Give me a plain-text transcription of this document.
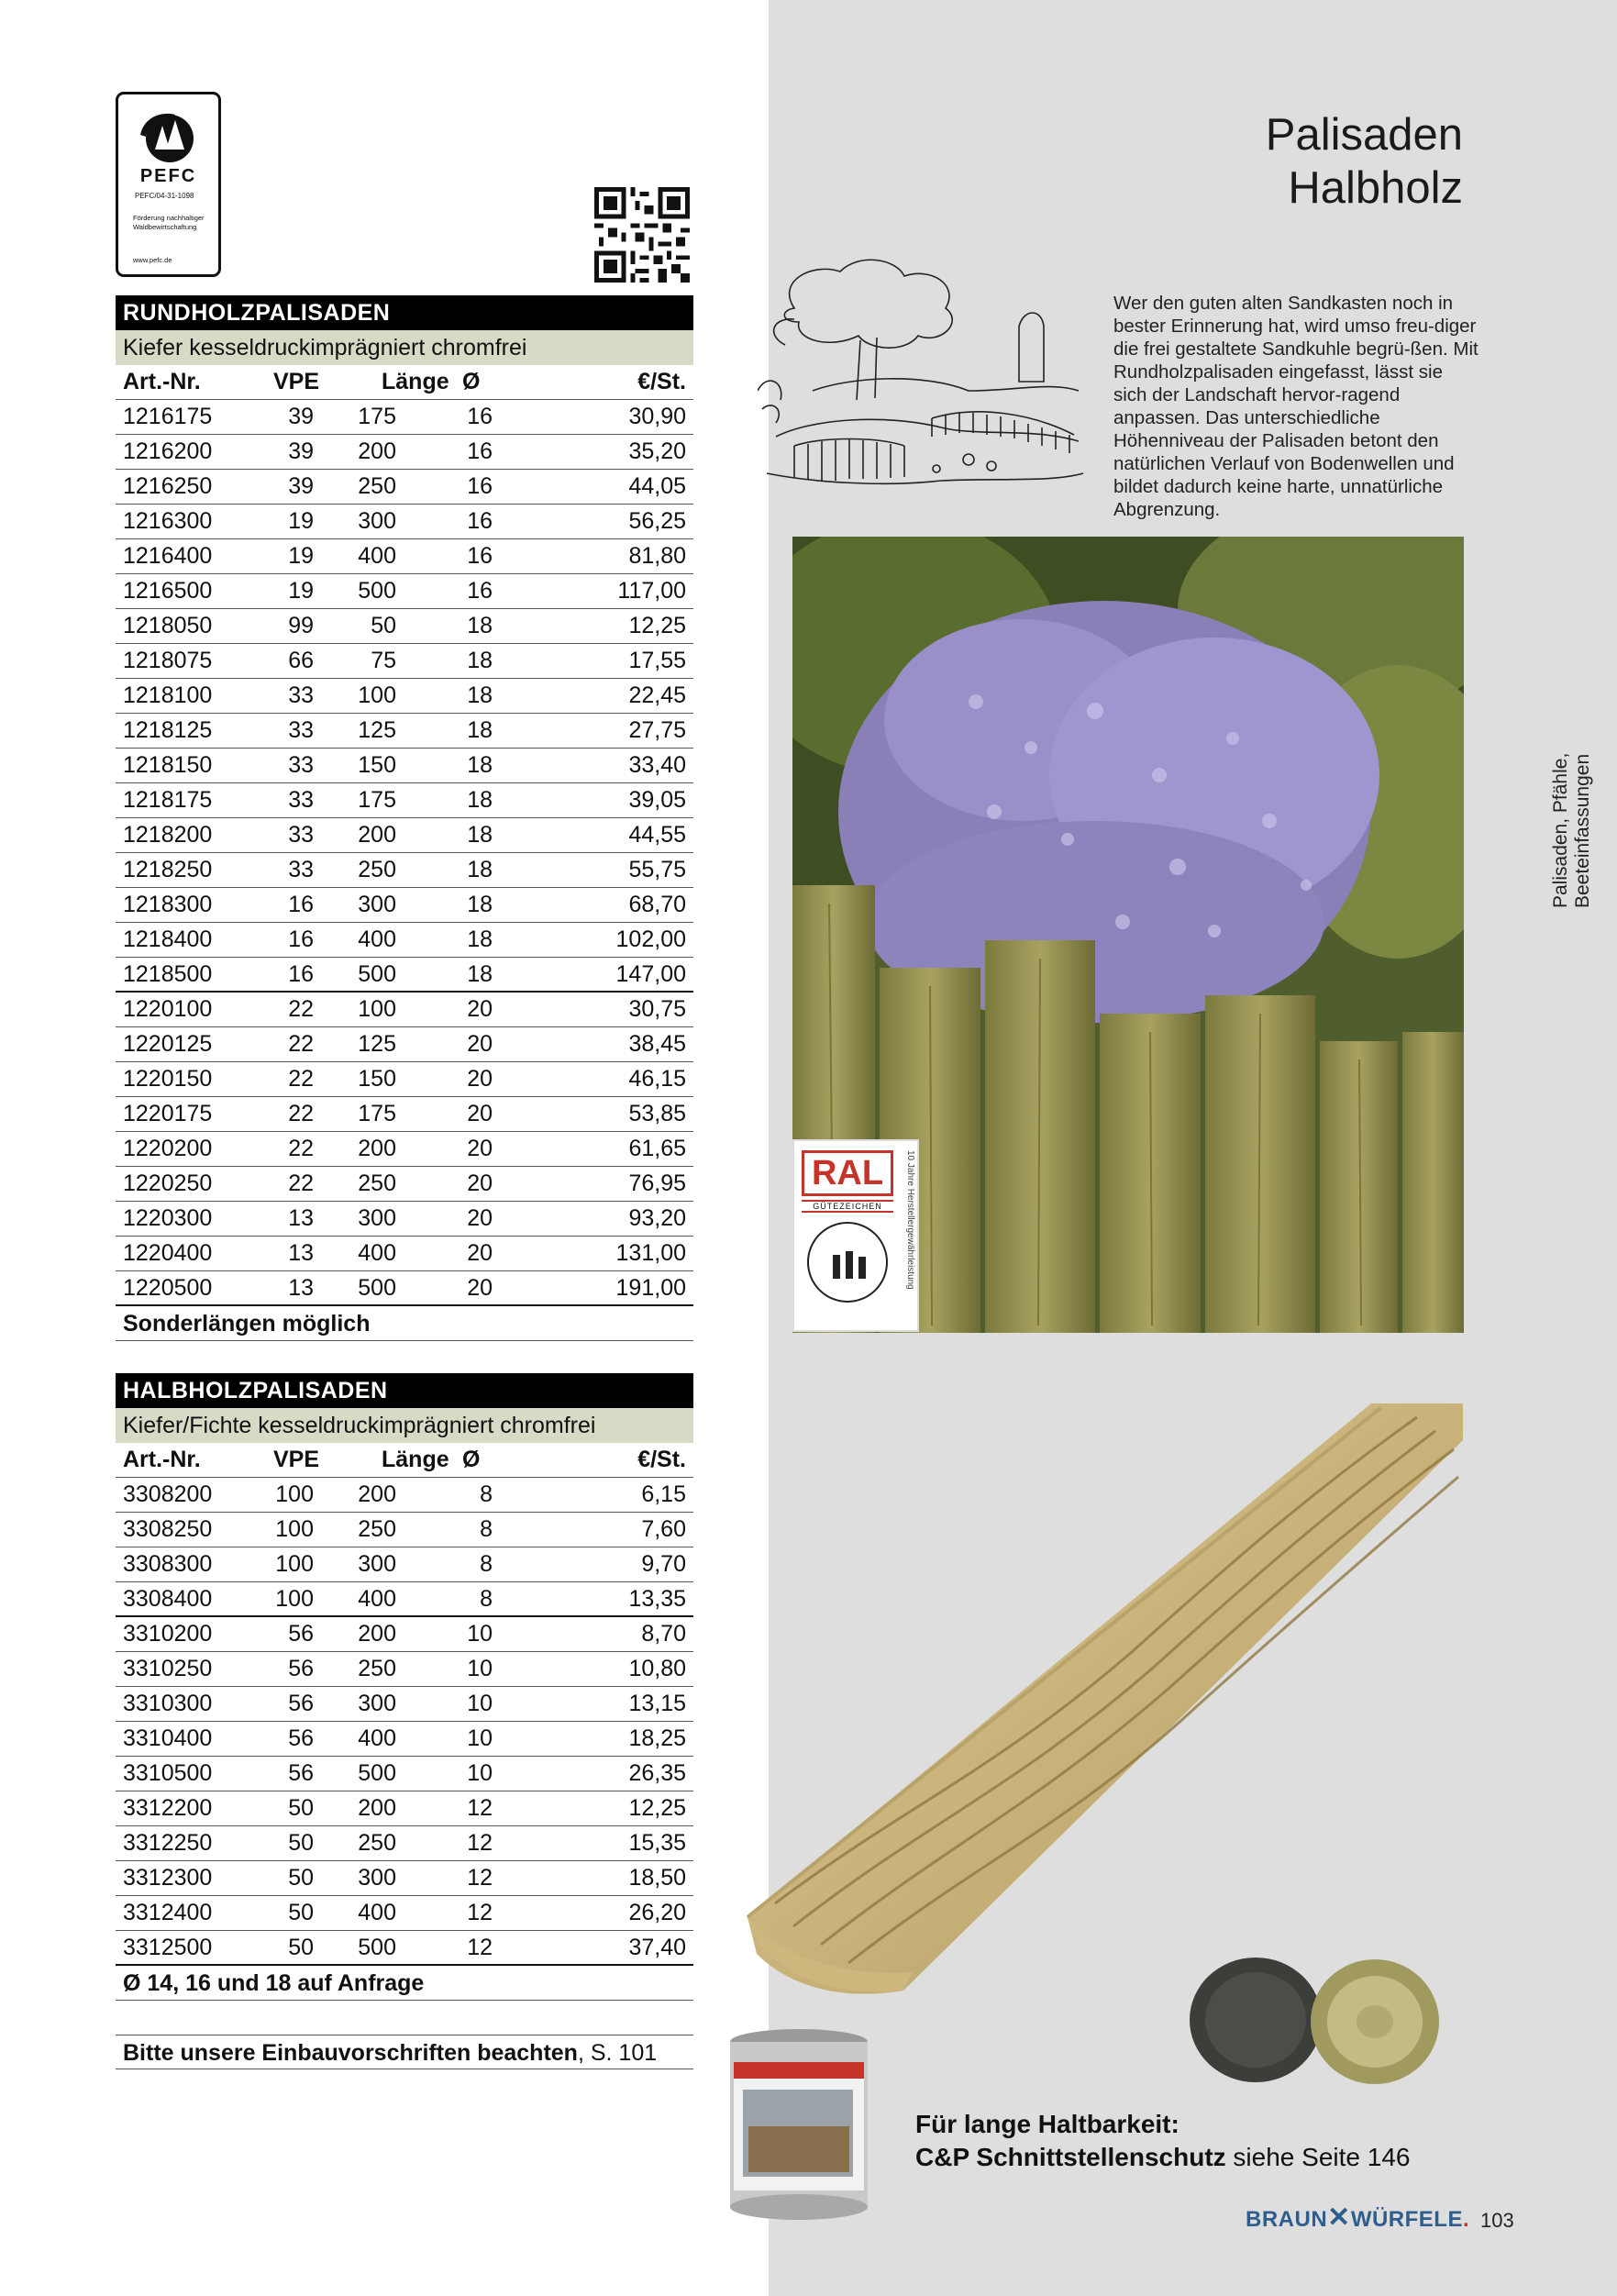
PEFC
PEFC/04-31-1098
Förderung nachhaltiger Waldbewirtschaftung
www.pefc.de
RUNDHOLZPALISADEN
Kiefer kesseldruckimprägniert chromfrei
Art.-Nr.	VPE	Länge Ø	€/St.
1216175	39	175	16	30,90
1216200	39	200	16	35,20
1216250	39	250	16	44,05
1216300	19	300	16	56,25
1216400	19	400	16	81,80
1216500	19	500	16	117,00
1218050	99	50	18	12,25
1218075	66	75	18	17,55
1218100	33	100	18	22,45
1218125	33	125	18	27,75
1218150	33	150	18	33,40
1218175	33	175	18	39,05
1218200	33	200	18	44,55
1218250	33	250	18	55,75
1218300	16	300	18	68,70
1218400	16	400	18	102,00
1218500	16	500	18	147,00
1220100	22	100	20	30,75
1220125	22	125	20	38,45
1220150	22	150	20	46,15
1220175	22	175	20	53,85
1220200	22	200	20	61,65
1220250	22	250	20	76,95
1220300	13	300	20	93,20
1220400	13	400	20	131,00
1220500	13	500	20	191,00
Sonderlängen möglich
HALBHOLZPALISADEN
Kiefer/Fichte kesseldruckimprägniert chromfrei
Art.-Nr.	VPE	Länge Ø	€/St.
3308200	100	200	8	6,15
3308250	100	250	8	7,60
3308300	100	300	8	9,70
3308400	100	400	8	13,35
3310200	56	200	10	8,70
3310250	56	250	10	10,80
3310300	56	300	10	13,15
3310400	56	400	10	18,25
3310500	56	500	10	26,35
3312200	50	200	12	12,25
3312250	50	250	12	15,35
3312300	50	300	12	18,50
3312400	50	400	12	26,20
3312500	50	500	12	37,40
Ø 14, 16 und 18 auf Anfrage
Bitte unsere Einbauvorschriften beachten, S. 101
Palisaden
Halbholz
Wer den guten alten Sandkasten noch in bester Erinnerung hat, wird umso freu-diger die frei gestaltete Sandkuhle begrü-ßen. Mit Rundholzpalisaden eingefasst, lässt sie sich der Landschaft hervor-ragend anpassen. Das unterschiedliche Höhenniveau der Palisaden betont den natürlichen Verlauf von Bodenwellen und bildet dadurch keine harte, unnatürliche Abgrenzung.
RAL
GÜTEZEICHEN	10 Jahre Herstellergewährleistung
Palisaden, Pfähle, Beeteinfassungen
Für lange Haltbarkeit:
C&P Schnittstellenschutz siehe Seite 146
BRAUN✕WÜRFELE. 103
